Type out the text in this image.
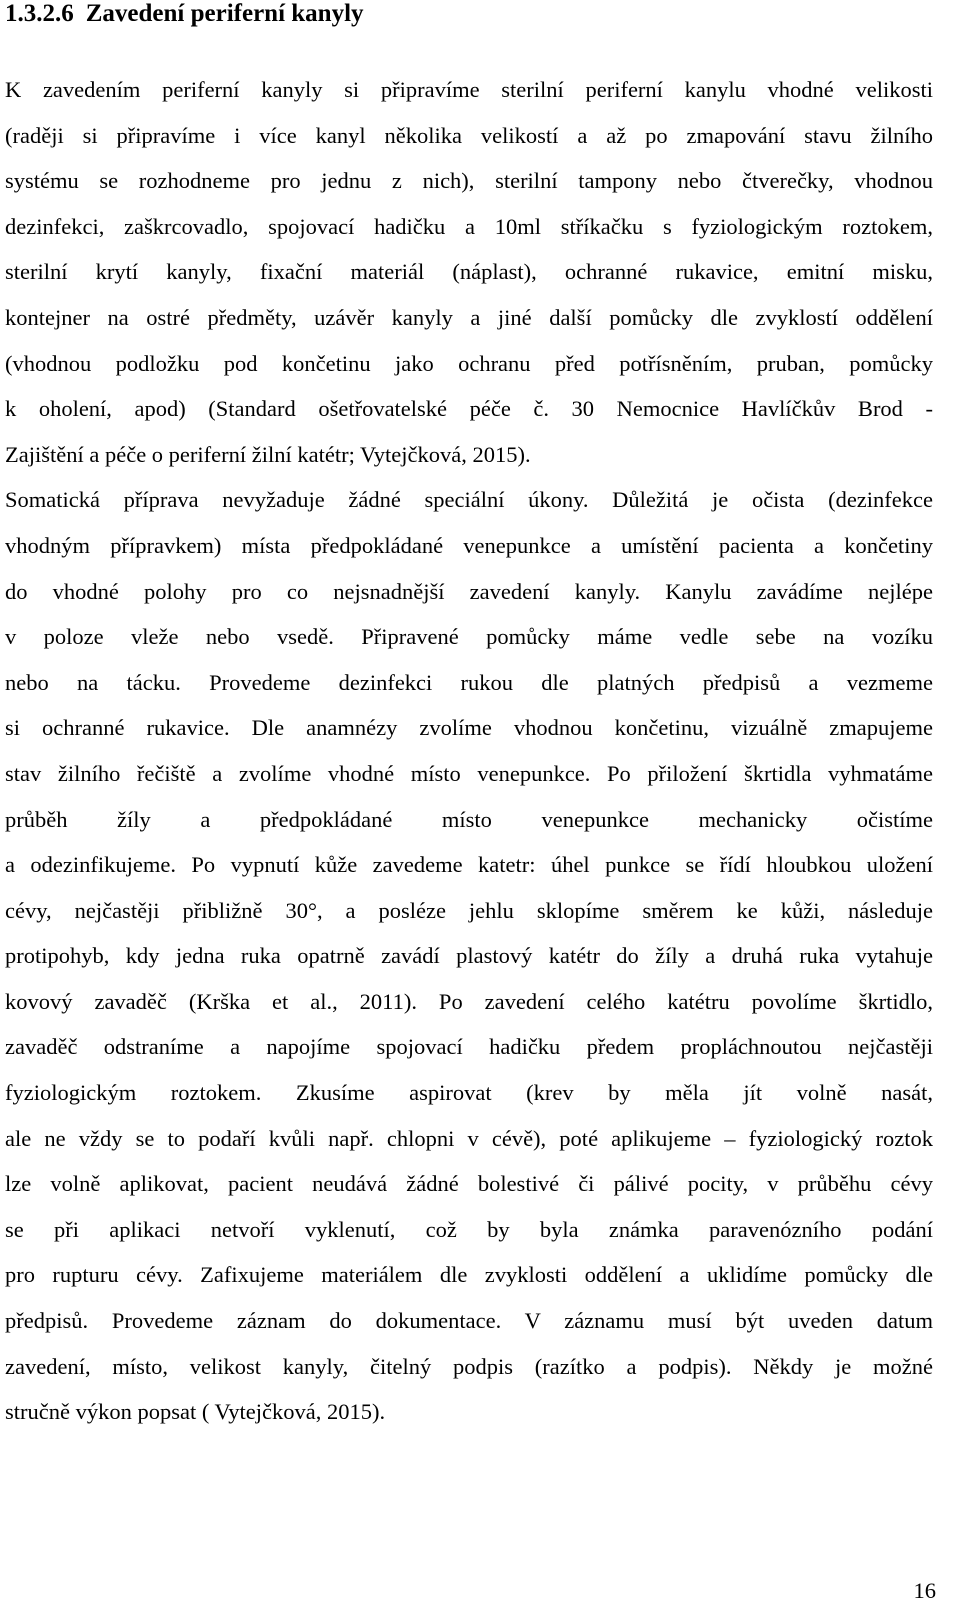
1.3.2.6 Zavedení periferní kanyly
K zavedením periferní kanyly si připravíme sterilní periferní kanylu vhodné velikosti
(raději si připravíme i více kanyl několika velikostí a až po zmapování stavu žilního
systému se rozhodneme pro jednu z nich), sterilní tampony nebo čtverečky, vhodnou
dezinfekci, zaškrcovadlo, spojovací hadičku a 10ml stříkačku s fyziologickým roztokem,
sterilní krytí kanyly, fixační materiál (náplast), ochranné rukavice, emitní misku,
kontejner na ostré předměty, uzávěr kanyly a jiné další pomůcky dle zvyklostí oddělení
(vhodnou podložku pod končetinu jako ochranu před potřísněním, pruban, pomůcky
k oholení, apod) (Standard ošetřovatelské péče č. 30 Nemocnice Havlíčkův Brod -
Zajištění a péče o periferní žilní katétr; Vytejčková, 2015).
Somatická příprava nevyžaduje žádné speciální úkony. Důležitá je očista (dezinfekce
vhodným přípravkem) místa předpokládané venepunkce a umístění pacienta a končetiny
do vhodné polohy pro co nejsnadnější zavedení kanyly. Kanylu zavádíme nejlépe
v poloze vleže nebo vsedě. Připravené pomůcky máme vedle sebe na vozíku
nebo na tácku. Provedeme dezinfekci rukou dle platných předpisů a vezmeme
si ochranné rukavice. Dle anamnézy zvolíme vhodnou končetinu, vizuálně zmapujeme
stav žilního řečiště a zvolíme vhodné místo venepunkce. Po přiložení škrtidla vyhmatáme
průběh žíly a předpokládané místo venepunkce mechanicky očistíme
a odezinfikujeme. Po vypnutí kůže zavedeme katetr: úhel punkce se řídí hloubkou uložení
cévy, nejčastěji přibližně 30°, a posléze jehlu sklopíme směrem ke kůži, následuje
protipohyb, kdy jedna ruka opatrně zavádí plastový katétr do žíly a druhá ruka vytahuje
kovový zavaděč (Krška et al., 2011). Po zavedení celého katétru povolíme škrtidlo,
zavaděč odstraníme a napojíme spojovací hadičku předem propláchnoutou nejčastěji
fyziologickým roztokem. Zkusíme aspirovat (krev by měla jít volně nasát,
ale ne vždy se to podaří kvůli např. chlopni v cévě), poté aplikujeme – fyziologický roztok
lze volně aplikovat, pacient neudává žádné bolestivé či pálivé pocity, v průběhu cévy
se při aplikaci netvoří vyklenutí, což by byla známka paravenózního podání
pro rupturu cévy. Zafixujeme materiálem dle zvyklosti oddělení a uklidíme pomůcky dle
předpisů. Provedeme záznam do dokumentace. V záznamu musí být uveden datum
zavedení, místo, velikost kanyly, čitelný podpis (razítko a podpis). Někdy je možné
stručně výkon popsat ( Vytejčková, 2015).
16
